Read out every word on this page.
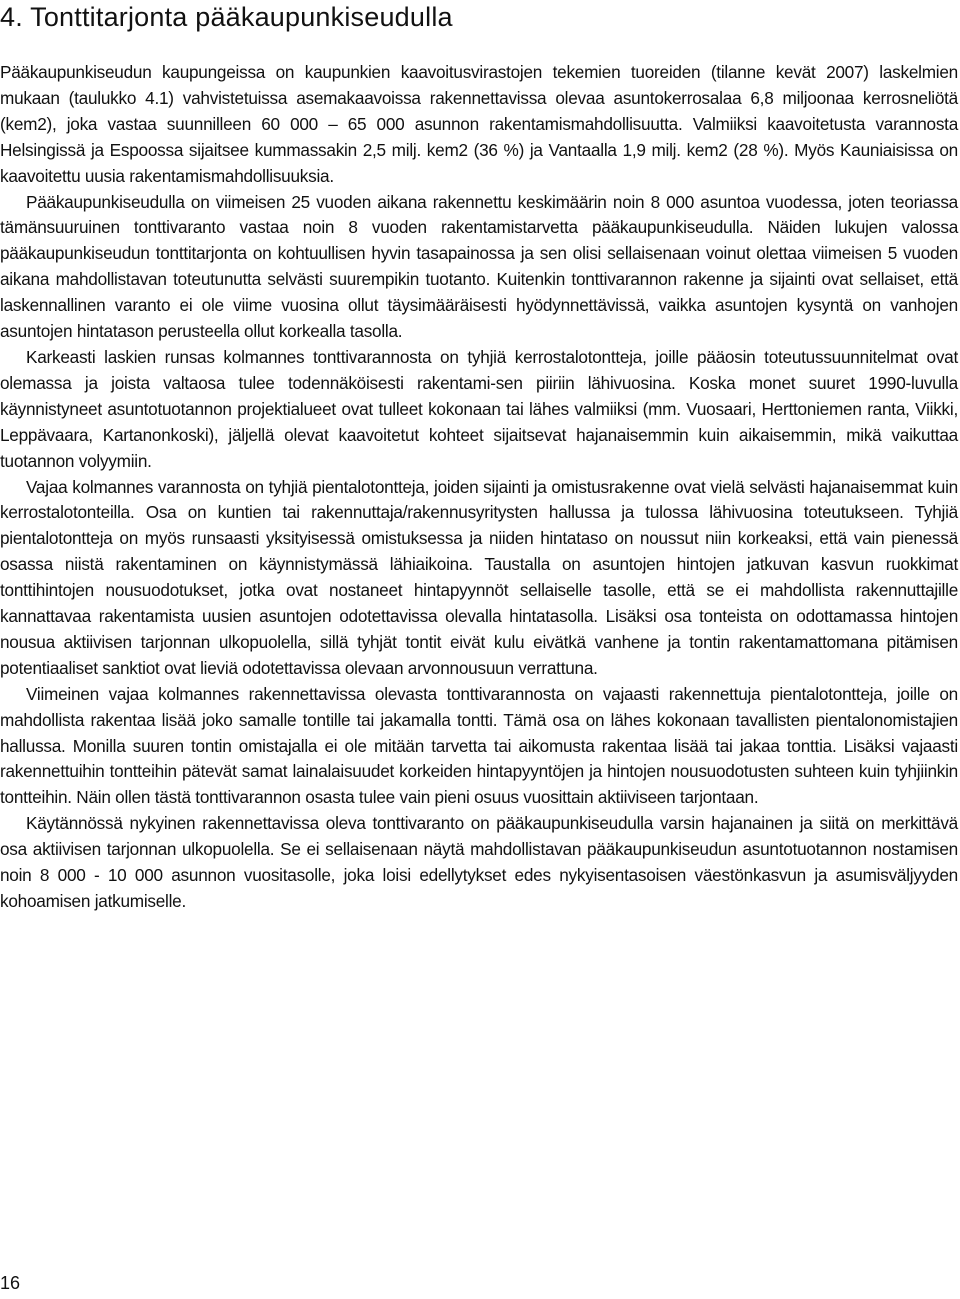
4. Tonttitarjonta pääkaupunkiseudulla

Pääkaupunkiseudun kaupungeissa on kaupunkien kaavoitusvirastojen tekemien tuoreiden (tilanne kevät 2007) laskelmien mukaan (taulukko 4.1) vahvistetuissa asemakaavoissa rakennettavissa olevaa asuntokerrosalaa 6,8 miljoonaa kerrosneliötä (kem2), joka vastaa suunnilleen 60 000 – 65 000 asunnon rakentamismahdollisuutta. Valmiiksi kaavoitetusta varannosta Helsingissä ja Espoossa sijaitsee kummassakin 2,5 milj. kem2 (36 %) ja Vantaalla 1,9 milj. kem2 (28 %). Myös Kauniaisissa on kaavoitettu uusia rakentamismahdollisuuksia.

Pääkaupunkiseudulla on viimeisen 25 vuoden aikana rakennettu keskimäärin noin 8 000 asuntoa vuodessa, joten teoriassa tämänsuuruinen tonttivaranto vastaa noin 8 vuoden rakentamistarvetta pääkaupunkiseudulla. Näiden lukujen valossa pääkaupunkiseudun tonttitarjonta on kohtuullisen hyvin tasapainossa ja sen olisi sellaisenaan voinut olettaa viimeisen 5 vuoden aikana mahdollistavan toteutunutta selvästi suurempikin tuotanto. Kuitenkin tonttivarannon rakenne ja sijainti ovat sellaiset, että laskennallinen varanto ei ole viime vuosina ollut täysimääräisesti hyödynnettävissä, vaikka asuntojen kysyntä on vanhojen asuntojen hintatason perusteella ollut korkealla tasolla.

Karkeasti laskien runsas kolmannes tonttivarannosta on tyhjiä kerrostalotontteja, joille pääosin toteutussuunnitelmat ovat olemassa ja joista valtaosa tulee todennäköisesti rakentami-sen piiriin lähivuosina. Koska monet suuret 1990-luvulla käynnistyneet asuntotuotannon projektialueet ovat tulleet kokonaan tai lähes valmiiksi (mm. Vuosaari, Herttoniemen ranta, Viikki, Leppävaara, Kartanonkoski), jäljellä olevat kaavoitetut kohteet sijaitsevat hajanaisemmin kuin aikaisemmin, mikä vaikuttaa tuotannon volyymiin.

Vajaa kolmannes varannosta on tyhjiä pientalotontteja, joiden sijainti ja omistusrakenne ovat vielä selvästi hajanaisemmat kuin kerrostalotonteilla. Osa on kuntien tai rakennuttaja/rakennusyritysten hallussa ja tulossa lähivuosina toteutukseen. Tyhjiä pientalotontteja on myös runsaasti yksityisessä omistuksessa ja niiden hintataso on noussut niin korkeaksi, että vain pienessä osassa niistä rakentaminen on käynnistymässä lähiaikoina. Taustalla on asuntojen hintojen jatkuvan kasvun ruokkimat tonttihintojen nousuodotukset, jotka ovat nostaneet hintapyynnöt sellaiselle tasolle, että se ei mahdollista rakennuttajille kannattavaa rakentamista uusien asuntojen odotettavissa olevalla hintatasolla. Lisäksi osa tonteista on odottamassa hintojen nousua aktiivisen tarjonnan ulkopuolella, sillä tyhjät tontit eivät kulu eivätkä vanhene ja tontin rakentamattomana pitämisen potentiaaliset sanktiot ovat lieviä odotettavissa olevaan arvonnousuun verrattuna.

Viimeinen vajaa kolmannes rakennettavissa olevasta tonttivarannosta on vajaasti rakennettuja pientalotontteja, joille on mahdollista rakentaa lisää joko samalle tontille tai jakamalla tontti. Tämä osa on lähes kokonaan tavallisten pientalonomistajien hallussa. Monilla suuren tontin omistajalla ei ole mitään tarvetta tai aikomusta rakentaa lisää tai jakaa tonttia. Lisäksi vajaasti rakennettuihin tontteihin pätevät samat lainalaisuudet korkeiden hintapyyntöjen ja hintojen nousuodotusten suhteen kuin tyhjiinkin tontteihin. Näin ollen tästä tonttivarannon osasta tulee vain pieni osuus vuosittain aktiiviseen tarjontaan.

Käytännössä nykyinen rakennettavissa oleva tonttivaranto on pääkaupunkiseudulla varsin hajanainen ja siitä on merkittävä osa aktiivisen tarjonnan ulkopuolella. Se ei sellaisenaan näytä mahdollistavan pääkaupunkiseudun asuntotuotannon nostamisen noin 8 000 - 10 000 asunnon vuositasolle, joka loisi edellytykset edes nykyisentasoisen väestönkasvun ja asumisväljyyden kohoamisen jatkumiselle.

16
